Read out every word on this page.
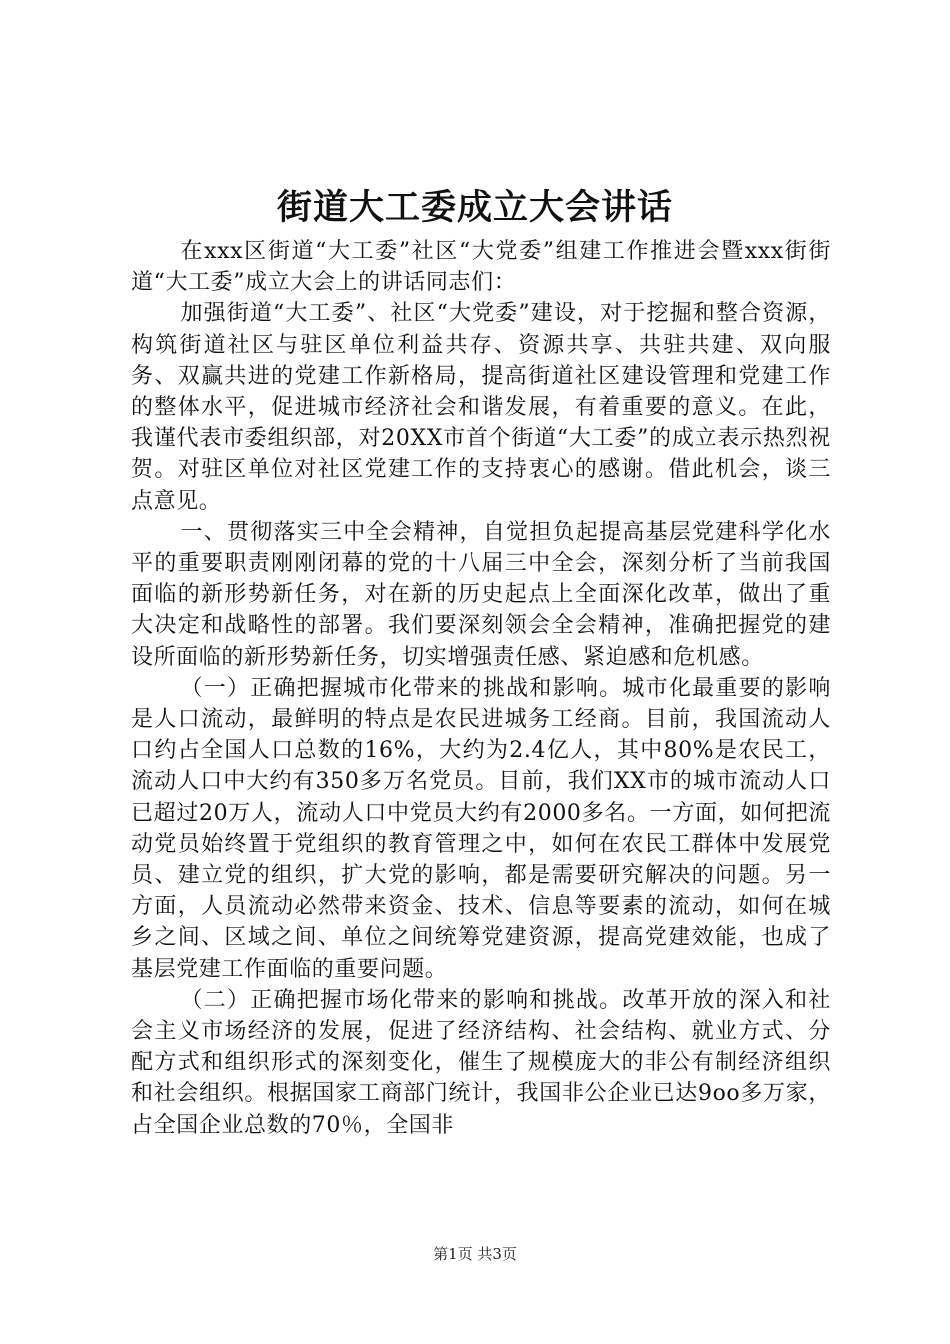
街道大工委成立大会讲话

在xxx区街道“大工委”社区“大党委”组建工作推进会暨xxx街街道“大工委”成立大会上的讲话同志们：

加强街道“大工委”、社区“大党委”建设，对于挖掘和整合资源，构筑街道社区与驻区单位利益共存、资源共享、共驻共建、双向服务、双赢共进的党建工作新格局，提高街道社区建设管理和党建工作的整体水平，促进城市经济社会和谐发展，有着重要的意义。在此，我谨代表市委组织部，对20XX市首个街道“大工委”的成立表示热烈祝贺。对驻区单位对社区党建工作的支持衷心的感谢。借此机会，谈三点意见。

一、贯彻落实三中全会精神，自觉担负起提高基层党建科学化水平的重要职责刚刚闭幕的党的十八届三中全会，深刻分析了当前我国面临的新形势新任务，对在新的历史起点上全面深化改革，做出了重大决定和战略性的部署。我们要深刻领会全会精神，准确把握党的建设所面临的新形势新任务，切实增强责任感、紧迫感和危机感。

（一）正确把握城市化带来的挑战和影响。城市化最重要的影响是人口流动，最鲜明的特点是农民进城务工经商。目前，我国流动人口约占全国人口总数的16%，大约为2.4亿人，其中80%是农民工，流动人口中大约有350多万名党员。目前，我们XX市的城市流动人口已超过20万人，流动人口中党员大约有2000多名。一方面，如何把流动党员始终置于党组织的教育管理之中，如何在农民工群体中发展党员、建立党的组织，扩大党的影响，都是需要研究解决的问题。另一方面，人员流动必然带来资金、技术、信息等要素的流动，如何在城乡之间、区域之间、单位之间统筹党建资源，提高党建效能，也成了基层党建工作面临的重要问题。

（二）正确把握市场化带来的影响和挑战。改革开放的深入和社会主义市场经济的发展，促进了经济结构、社会结构、就业方式、分配方式和组织形式的深刻变化，催生了规模庞大的非公有制经济组织和社会组织。根据国家工商部门统计，我国非公企业已达9oo多万家，占全国企业总数的70％，全国非

第1页 共3页
